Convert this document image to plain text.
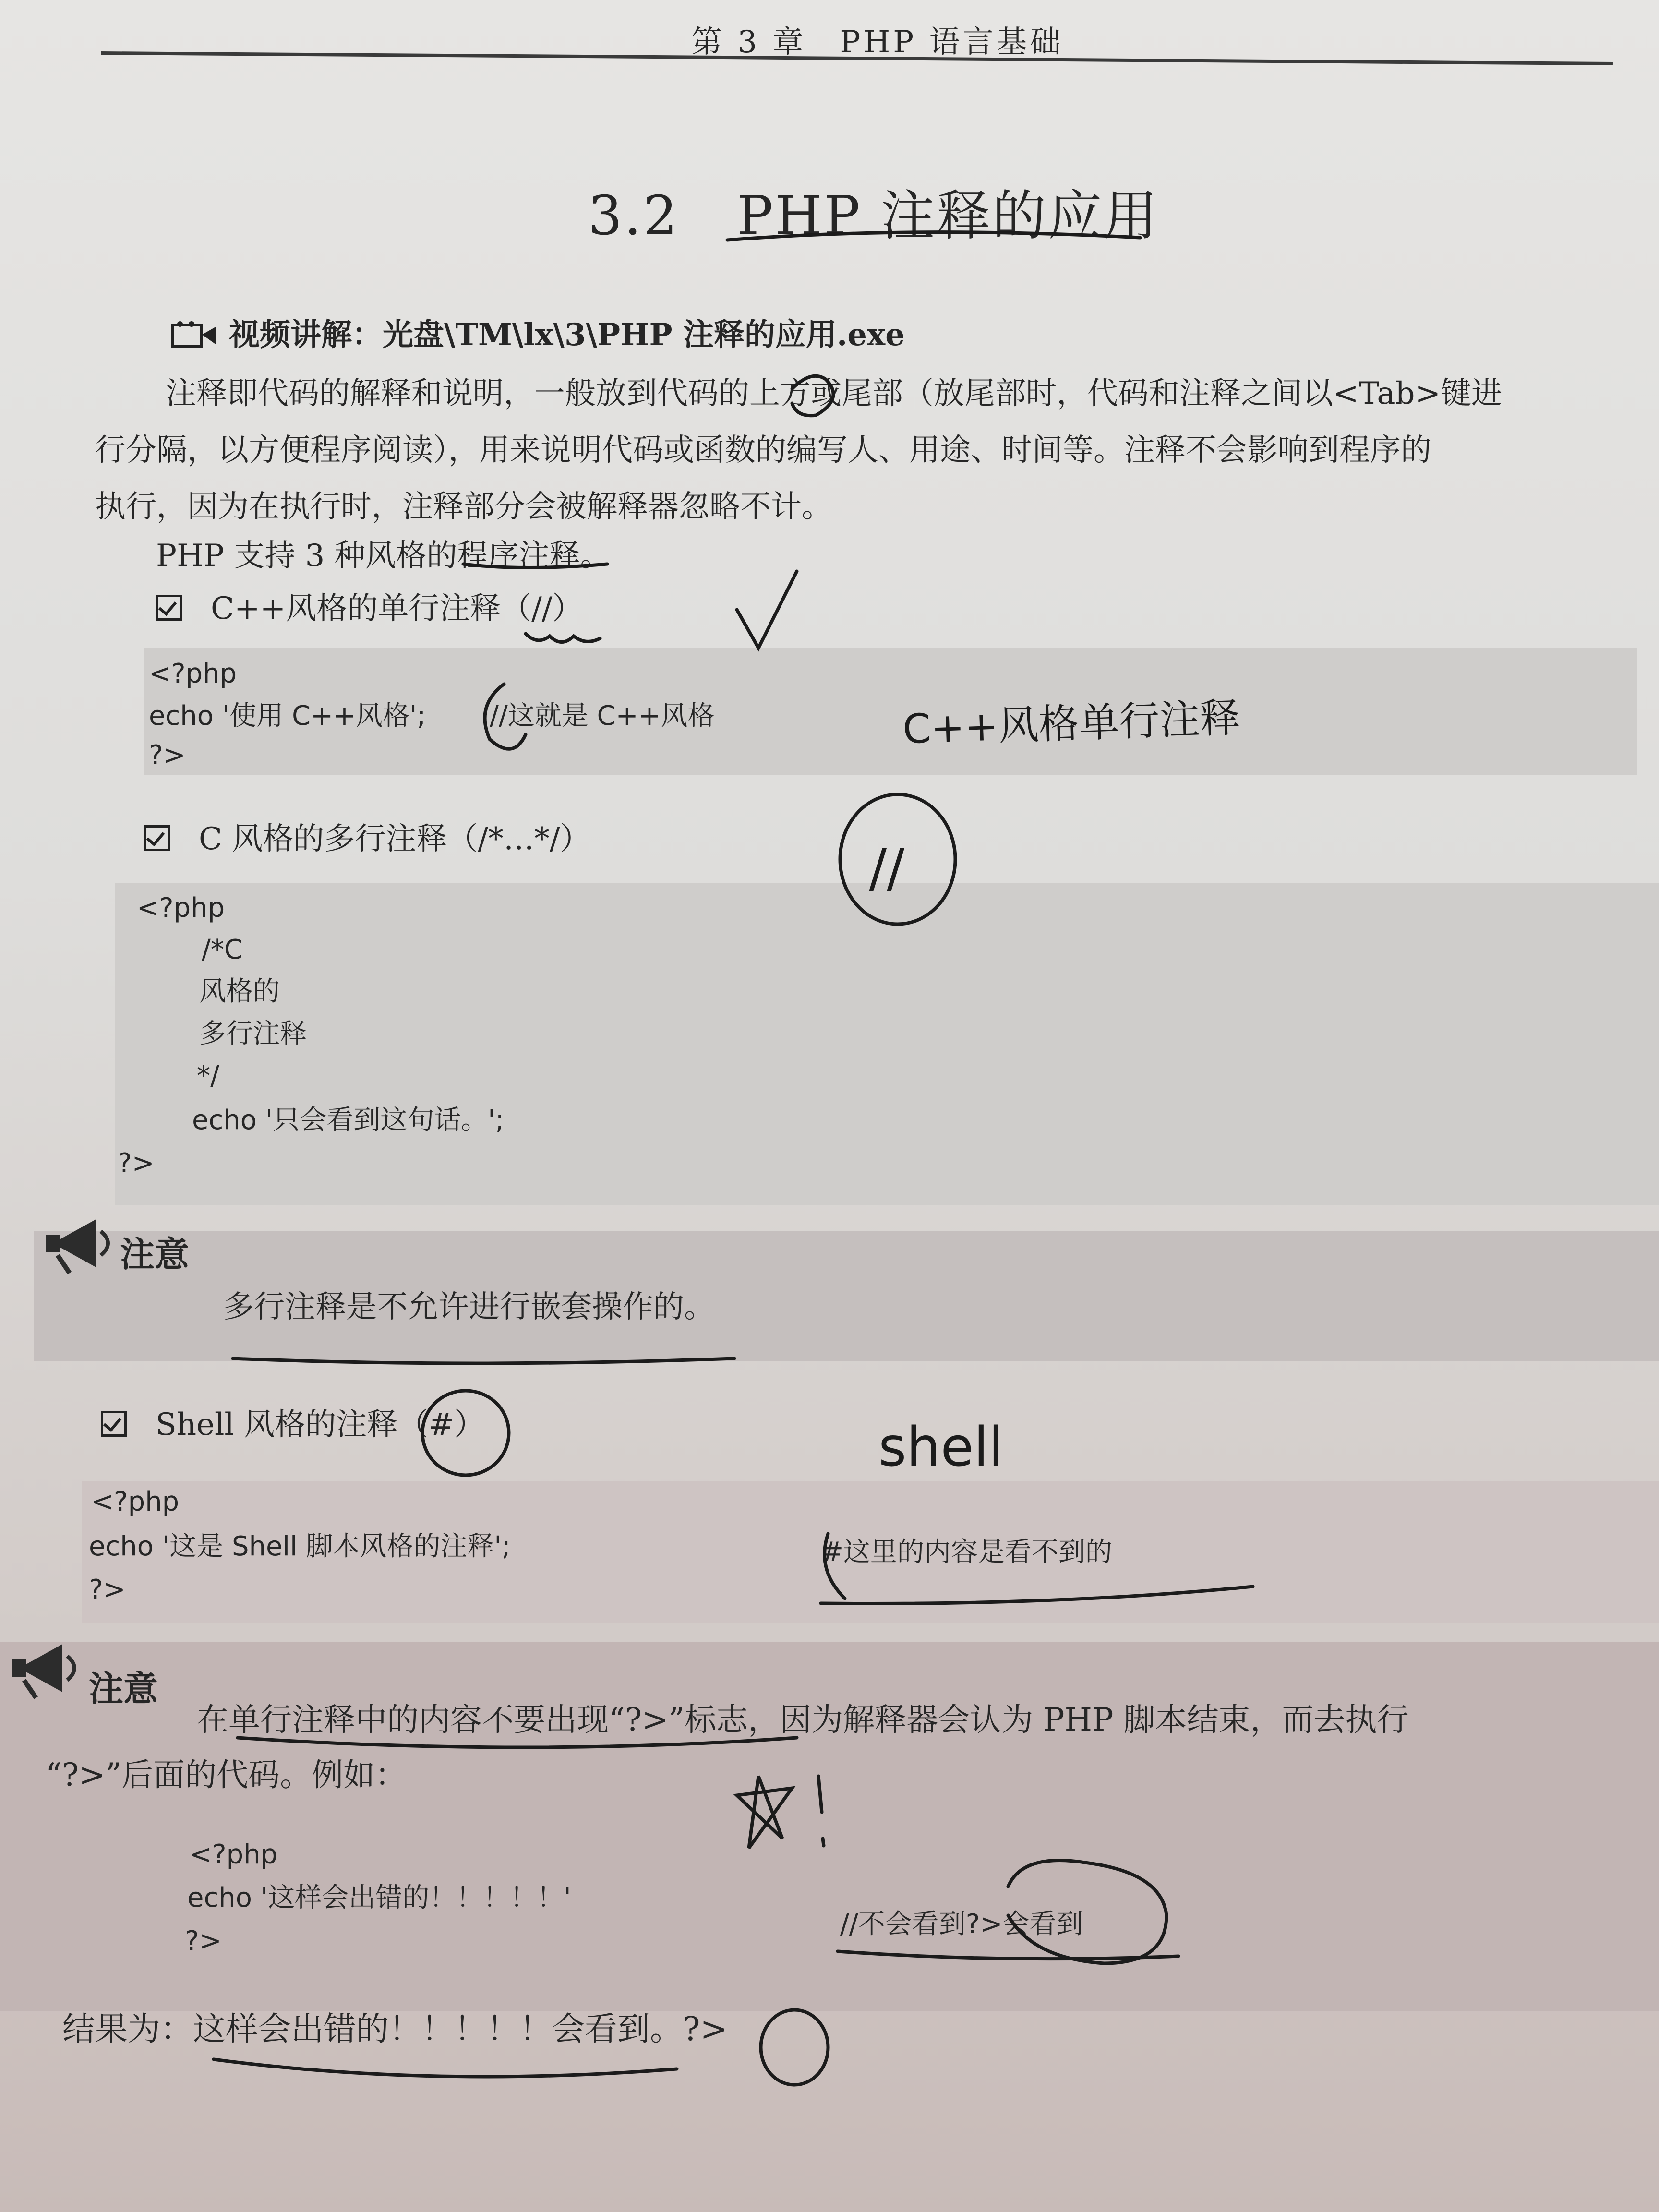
第 3 章　PHP 语言基础
3.2 PHP 注释的应用
视频讲解：光盘\TM\lx\3\PHP 注释的应用.exe
注释即代码的解释和说明，一般放到代码的上方或尾部（放尾部时，代码和注释之间以<Tab>键进
行分隔，以方便程序阅读），用来说明代码或函数的编写人、用途、时间等。注释不会影响到程序的
执行，因为在执行时，注释部分会被解释器忽略不计。
PHP 支持 3 种风格的程序注释。
C++风格的单行注释（//）
<?php
echo '使用 C++风格'; //这就是 C++风格
?>
C++风格单行注释
C 风格的多行注释（/*…*/）
<?php
/*C
风格的
多行注释
*/
echo '只会看到这句话。';
?>
//
注意
多行注释是不允许进行嵌套操作的。
Shell 风格的注释（#）
<?php
echo '这是 Shell 脚本风格的注释';	#这里的内容是看不到的
?>
shell
注意
在单行注释中的内容不要出现“?>”标志，因为解释器会认为 PHP 脚本结束，而去执行
“?>”后面的代码。例如：
<?php
echo '这样会出错的！！！！！'
//不会看到?>会看到
?>
结果为：这样会出错的！！！！！会看到。?>
